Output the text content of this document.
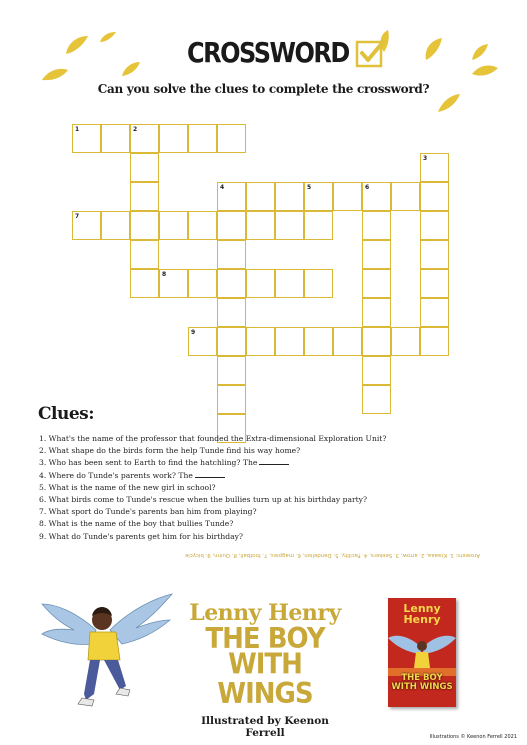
CROSSWORD
Can you solve the clues to complete the crossword?
1	2
3
4	5	6
7
8
9
Clues:
1. What's the name of the professor that founded the Extra-dimensional Exploration Unit?
2. What shape do the birds form the help Tunde find his way home?
3. Who has been sent to Earth to find the hatchling? The
4. Where do Tunde's parents work? The
5. What is the name of the new girl in school?
6. What birds come to Tunde's rescue when the bullies turn up at his birthday party?
7. What sport do Tunde's parents ban him from playing?
8. What is the name of the boy that bullies Tunde?
9. What do Tunde's parents get him for his birthday?
Answers: 1. Kraaaa, 2. arrow, 3. Seekers, 4. Facility, 5. Dandelion, 6. magpies, 7. football, 8. Quinn, 9. bicycle
Lenny Henry
THE BOY
WITH WINGS
Illustrated by Keenon Ferrell
Lenny
Henry
THE BOY
WITH WINGS
Illustrations © Keenon Ferrell 2021
